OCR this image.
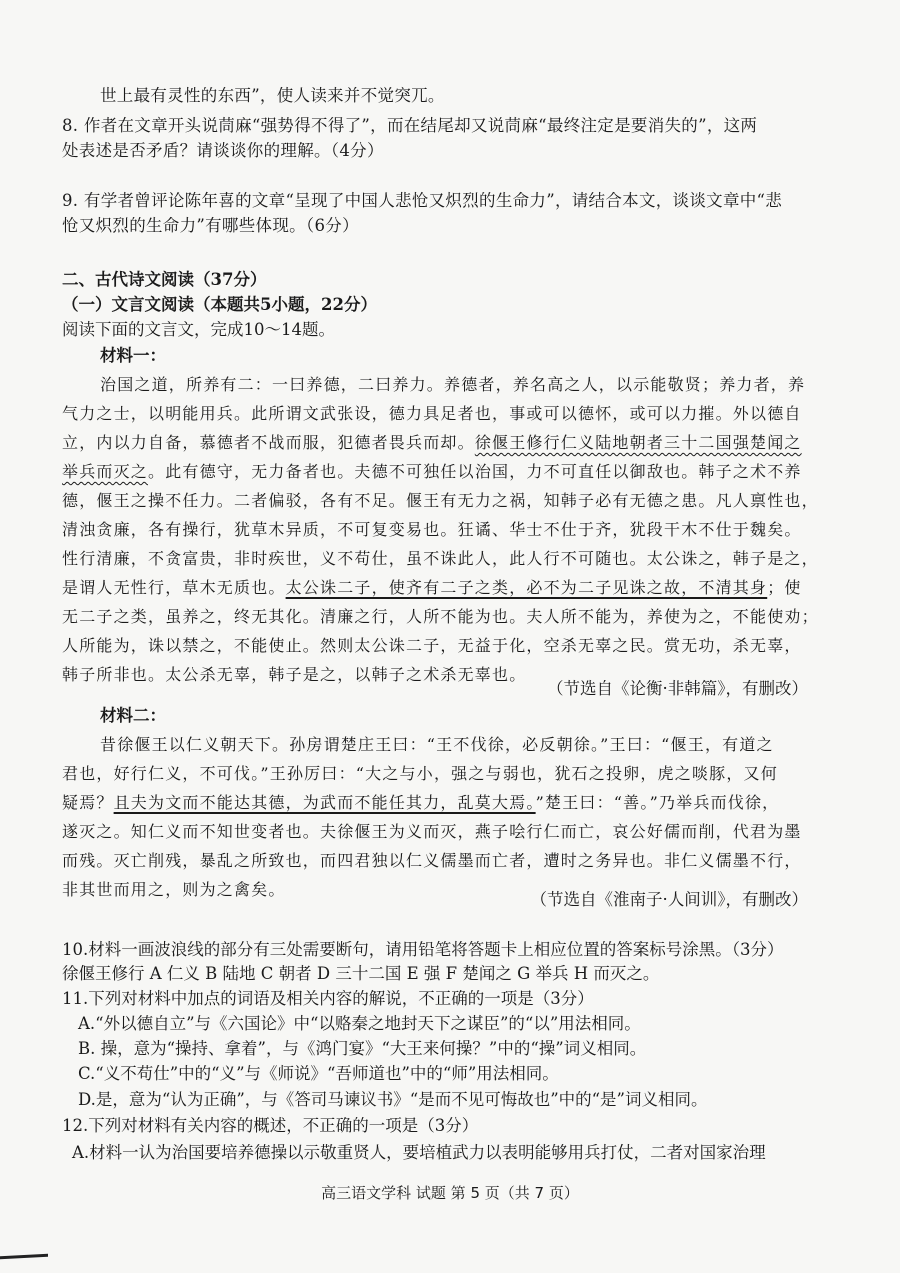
世上最有灵性的东西”，使人读来并不觉突兀。
8. 作者在文章开头说茼麻“强势得不得了”，而在结尾却又说茼麻“最终注定是要消失的”，这两
处表述是否矛盾？请谈谈你的理解。（4分）
9. 有学者曾评论陈年喜的文章“呈现了中国人悲怆又炽烈的生命力”，请结合本文，谈谈文章中“悲
怆又炽烈的生命力”有哪些体现。（6分）
二、古代诗文阅读（37分）
（一）文言文阅读（本题共5小题，22分）
阅读下面的文言文，完成10～14题。
材料一：
治国之道，所养有二：一曰养德，二曰养力。养德者，养名高之人，以示能敬贤；养力者，养
气力之士，以明能用兵。此所谓文武张设，德力具足者也，事或可以德怀，或可以力摧。外以德自
立，内以力自备，慕德者不战而服，犯德者畏兵而却。徐偃王修行仁义陆地朝者三十二国强楚闻之
举兵而灭之。此有德守，无力备者也。夫德不可独任以治国，力不可直任以御敌也。韩子之术不养
德，偃王之操不任力。二者偏驳，各有不足。偃王有无力之祸，知韩子必有无德之患。凡人禀性也，
清浊贪廉，各有操行，犹草木异质，不可复变易也。狂谲、华士不仕于齐，犹段干木不仕于魏矣。
性行清廉，不贪富贵，非时疾世，义不苟仕，虽不诛此人，此人行不可随也。太公诛之，韩子是之，
是谓人无性行，草木无质也。太公诛二子，使齐有二子之类，必不为二子见诛之故，不清其身；使
无二子之类，虽养之，终无其化。清廉之行，人所不能为也。夫人所不能为，养使为之，不能使劝；
人所能为，诛以禁之，不能使止。然则太公诛二子，无益于化，空杀无辜之民。赏无功，杀无辜，
韩子所非也。太公杀无辜，韩子是之，以韩子之术杀无辜也。
（节选自《论衡·非韩篇》，有删改）
材料二：
昔徐偃王以仁义朝天下。孙房谓楚庄王曰：“王不伐徐，必反朝徐。”王曰：“偃王，有道之
君也，好行仁义，不可伐。”王孙厉曰：“大之与小，强之与弱也，犹石之投卵，虎之啖豚，又何
疑焉？且夫为文而不能达其德，为武而不能任其力，乱莫大焉。”楚王曰：“善。”乃举兵而伐徐，
遂灭之。知仁义而不知世变者也。夫徐偃王为义而灭，燕子哙行仁而亡，哀公好儒而削，代君为墨
而残。灭亡削残，暴乱之所致也，而四君独以仁义儒墨而亡者，遭时之务异也。非仁义儒墨不行，
非其世而用之，则为之禽矣。
（节选自《淮南子·人间训》，有删改）
10.材料一画波浪线的部分有三处需要断句，请用铅笔将答题卡上相应位置的答案标号涂黑。（3分）
徐偃王修行 A 仁义 B 陆地 C 朝者 D 三十二国 E 强 F 楚闻之 G 举兵 H 而灭之。
11.下列对材料中加点的词语及相关内容的解说，不正确的一项是（3分）
A.“外以德自立”与《六国论》中“以赂秦之地封天下之谋臣”的“以”用法相同。
B. 操，意为“操持、拿着”，与《鸿门宴》“大王来何操？”中的“操”词义相同。
C.“义不苟仕”中的“义”与《师说》“吾师道也”中的“师”用法相同。
D.是，意为“认为正确”，与《答司马谏议书》“是而不见可悔故也”中的“是”词义相同。
12.下列对材料有关内容的概述，不正确的一项是（3分）
A.材料一认为治国要培养德操以示敬重贤人，要培植武力以表明能够用兵打仗，二者对国家治理
高三语文学科 试题 第 5 页（共 7 页）
